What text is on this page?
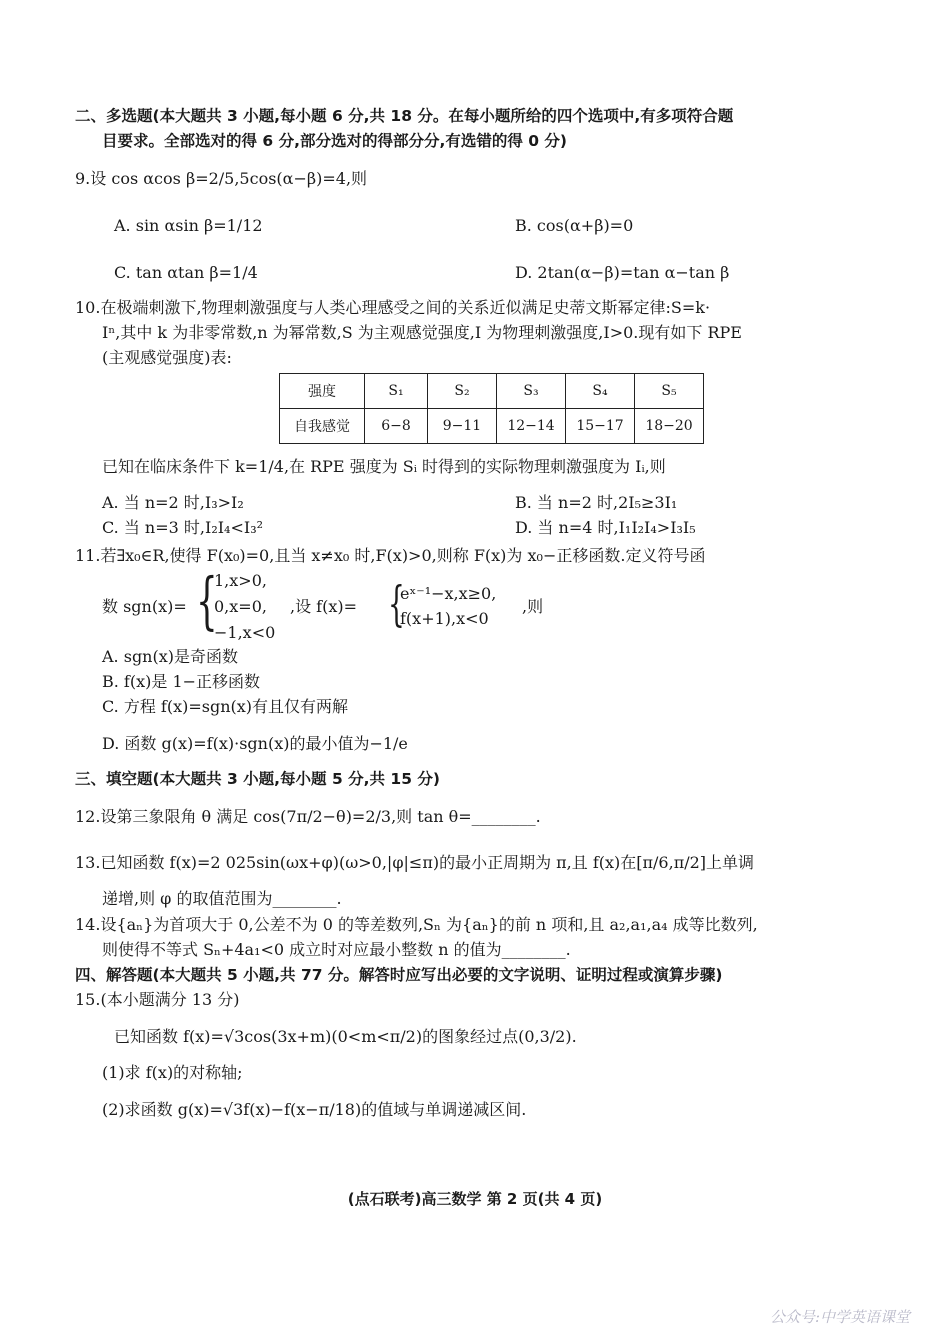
二、多选题(本大题共 3 小题,每小题 6 分,共 18 分。在每小题所给的四个选项中,有多项符合题
目要求。全部选对的得 6 分,部分选对的得部分分,有选错的得 0 分)
9.设 cos αcos β=2/5,5cos(α−β)=4,则
A. sin αsin β=1/12	B. cos(α+β)=0
C. tan αtan β=1/4	D. 2tan(α−β)=tan α−tan β
10.在极端刺激下,物理刺激强度与人类心理感受之间的关系近似满足史蒂文斯幂定律:S=k·
Iⁿ,其中 k 为非零常数,n 为幂常数,S 为主观感觉强度,I 为物理刺激强度,I>0.现有如下 RPE
(主观感觉强度)表:
强度	S₁	S₂	S₃	S₄	S₅
自我感觉	6−8	9−11	12−14	15−17	18−20
已知在临床条件下 k=1/4,在 RPE 强度为 Sᵢ 时得到的实际物理刺激强度为 Iᵢ,则
A. 当 n=2 时,I₃>I₂	B. 当 n=2 时,2I₅≥3I₁
C. 当 n=3 时,I₂I₄<I₃²	D. 当 n=4 时,I₁I₂I₄>I₃I₅
11.若∃x₀∈R,使得 F(x₀)=0,且当 x≠x₀ 时,F(x)>0,则称 F(x)为 x₀−正移函数.定义符号函
数 sgn(x)= {
1,x>0,
0,x=0,
−1,x<0
,设 f(x)= {
eˣ⁻¹−x,x≥0,
f(x+1),x<0
,则
A. sgn(x)是奇函数
B. f(x)是 1−正移函数
C. 方程 f(x)=sgn(x)有且仅有两解
D. 函数 g(x)=f(x)·sgn(x)的最小值为−1/e
三、填空题(本大题共 3 小题,每小题 5 分,共 15 分)
12.设第三象限角 θ 满足 cos(7π/2−θ)=2/3,则 tan θ=________.
13.已知函数 f(x)=2 025sin(ωx+φ)(ω>0,|φ|≤π)的最小正周期为 π,且 f(x)在[π/6,π/2]上单调
递增,则 φ 的取值范围为________.
14.设{aₙ}为首项大于 0,公差不为 0 的等差数列,Sₙ 为{aₙ}的前 n 项和,且 a₂,a₁,a₄ 成等比数列,
则使得不等式 Sₙ+4a₁<0 成立时对应最小整数 n 的值为________.
四、解答题(本大题共 5 小题,共 77 分。解答时应写出必要的文字说明、证明过程或演算步骤)
15.(本小题满分 13 分)
已知函数 f(x)=√3cos(3x+m)(0<m<π/2)的图象经过点(0,3/2).
(1)求 f(x)的对称轴;
(2)求函数 g(x)=√3f(x)−f(x−π/18)的值域与单调递减区间.
(点石联考)高三数学 第 2 页(共 4 页)
公众号:中学英语课堂
